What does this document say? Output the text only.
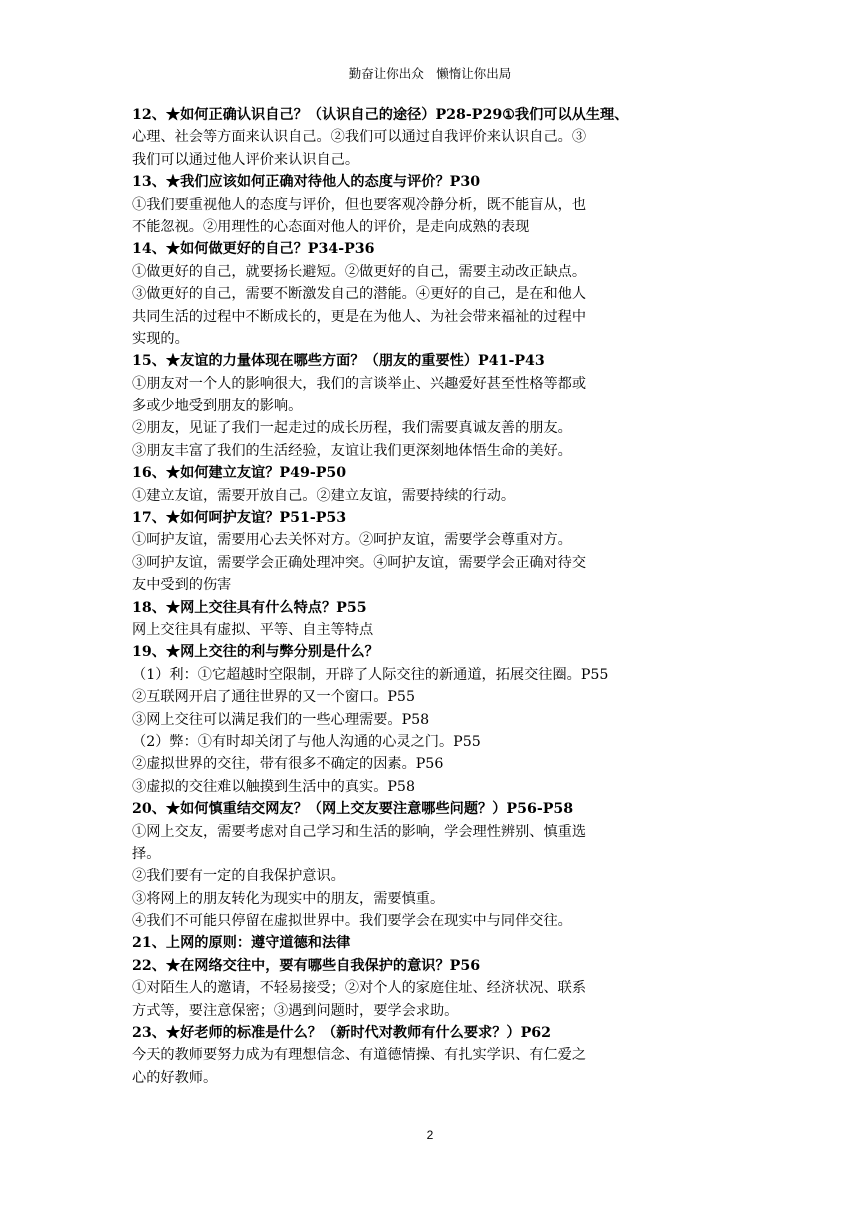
勤奋让你出众　懒惰让你出局
12、★如何正确认识自己？（认识自己的途径）P28-P29①我们可以从生理、
心理、社会等方面来认识自己。②我们可以通过自我评价来认识自己。③
我们可以通过他人评价来认识自己。
13、★我们应该如何正确对待他人的态度与评价？P30
①我们要重视他人的态度与评价，但也要客观冷静分析，既不能盲从，也
不能忽视。②用理性的心态面对他人的评价，是走向成熟的表现
14、★如何做更好的自己？P34-P36
①做更好的自己，就要扬长避短。②做更好的自己，需要主动改正缺点。
③做更好的自己，需要不断激发自己的潜能。④更好的自己，是在和他人
共同生活的过程中不断成长的，更是在为他人、为社会带来福祉的过程中
实现的。
15、★友谊的力量体现在哪些方面？（朋友的重要性）P41-P43
①朋友对一个人的影响很大，我们的言谈举止、兴趣爱好甚至性格等都或
多或少地受到朋友的影响。
②朋友，见证了我们一起走过的成长历程，我们需要真诚友善的朋友。
③朋友丰富了我们的生活经验，友谊让我们更深刻地体悟生命的美好。
16、★如何建立友谊？P49-P50
①建立友谊，需要开放自己。②建立友谊，需要持续的行动。
17、★如何呵护友谊？P51-P53
①呵护友谊，需要用心去关怀对方。②呵护友谊，需要学会尊重对方。
③呵护友谊，需要学会正确处理冲突。④呵护友谊，需要学会正确对待交
友中受到的伤害
18、★网上交往具有什么特点？P55
网上交往具有虚拟、平等、自主等特点
19、★网上交往的利与弊分别是什么？
（1）利：①它超越时空限制，开辟了人际交往的新通道，拓展交往圈。P55
②互联网开启了通往世界的又一个窗口。P55
③网上交往可以满足我们的一些心理需要。P58
（2）弊：①有时却关闭了与他人沟通的心灵之门。P55
②虚拟世界的交往，带有很多不确定的因素。P56
③虚拟的交往难以触摸到生活中的真实。P58
20、★如何慎重结交网友？（网上交友要注意哪些问题？）P56-P58
①网上交友，需要考虑对自己学习和生活的影响，学会理性辨别、慎重选
择。
②我们要有一定的自我保护意识。
③将网上的朋友转化为现实中的朋友，需要慎重。
④我们不可能只停留在虚拟世界中。我们要学会在现实中与同伴交往。
21、上网的原则：遵守道德和法律
22、★在网络交往中，要有哪些自我保护的意识？P56
①对陌生人的邀请，不轻易接受；②对个人的家庭住址、经济状况、联系
方式等，要注意保密；③遇到问题时，要学会求助。
23、★好老师的标准是什么？（新时代对教师有什么要求？）P62
今天的教师要努力成为有理想信念、有道德情操、有扎实学识、有仁爱之
心的好教师。
2
